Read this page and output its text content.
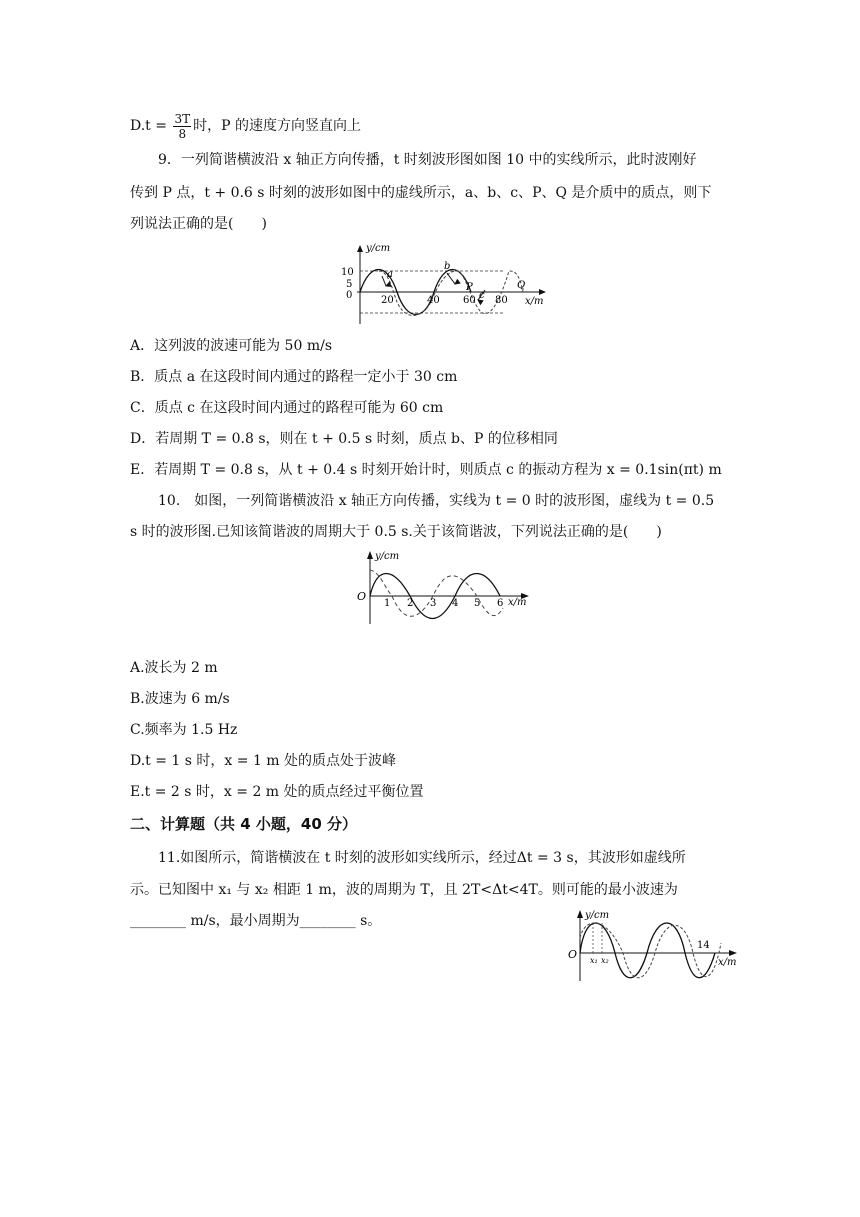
$D.t = \frac{3T}{8}$ 时，P 的速度方向竖直向上
9．一列简谐横波沿 x 轴正方向传播，t 时刻波形图如图 10 中的实线所示，此时波刚好
传到 P 点，t + 0.6 s 时刻的波形如图中的虚线所示，a、b、c、P、Q 是介质中的质点，则下
列说法正确的是(　　)
y/cm
10
5
0	20	40 60 80 x/m
a
b
P
c
Q
A．这列波的波速可能为 50 m/s
B．质点 a 在这段时间内通过的路程一定小于 30 cm
C．质点 c 在这段时间内通过的路程可能为 60 cm
D．若周期 T = 0.8 s，则在 t + 0.5 s 时刻，质点 b、P 的位移相同
E．若周期 T = 0.8 s，从 t + 0.4 s 时刻开始计时，则质点 c 的振动方程为 x = 0.1sin(πt) m
10.　如图，一列简谐横波沿 x 轴正方向传播，实线为 t = 0 时的波形图，虚线为 t = 0.5
s 时的波形图.已知该简谐波的周期大于 0.5 s.关于该简谐波，下列说法正确的是(　　)
y/cm
O
1 2 3 4 5 6 x/m
A.波长为 2 m
B.波速为 6 m/s
C.频率为 1.5 Hz
D.t = 1 s 时，x = 1 m 处的质点处于波峰
E.t = 2 s 时，x = 2 m 处的质点经过平衡位置
二、计算题（共 4 小题，40 分）
11.如图所示，简谐横波在 t 时刻的波形如实线所示，经过Δt = 3 s，其波形如虚线所
示。已知图中 x₁ 与 x₂ 相距 1 m，波的周期为 T，且 2T<Δt<4T。则可能的最小波速为
________ m/s，最小周期为________ s。	y/cm
O x₁ x₂
14
x/m
